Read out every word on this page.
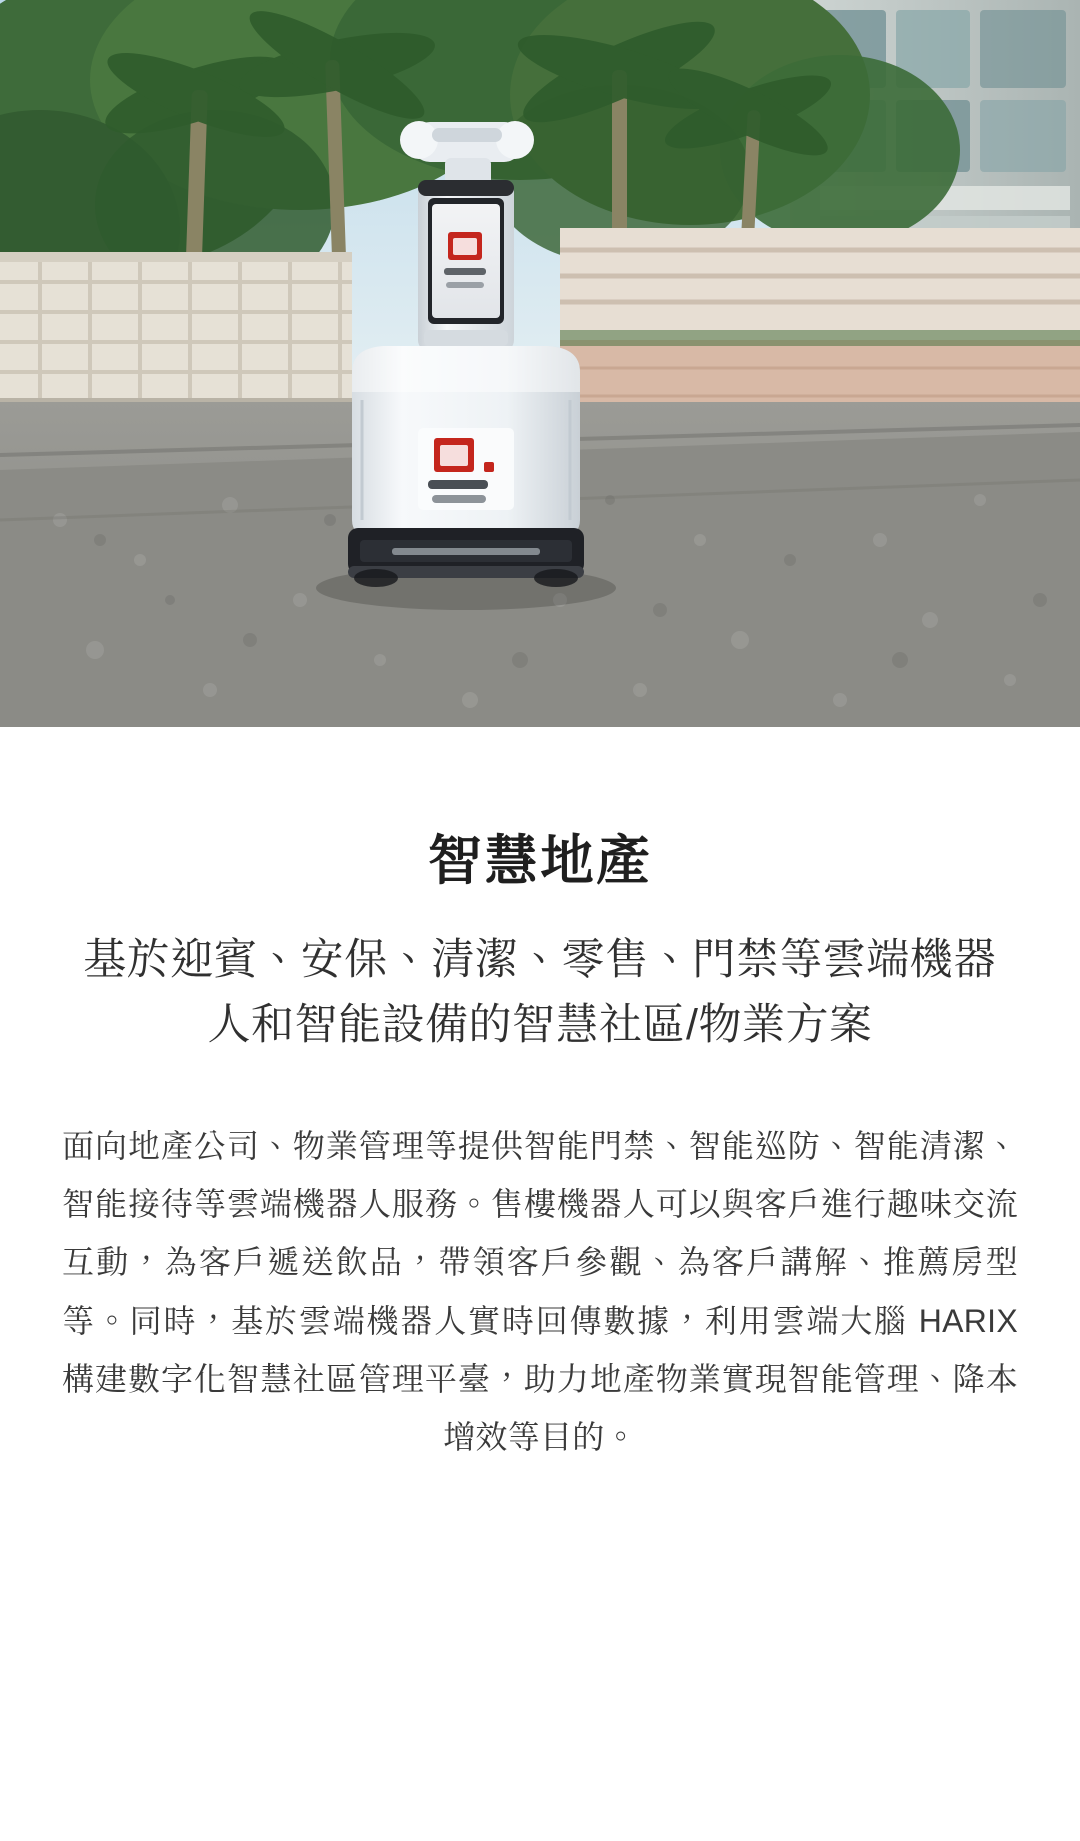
智慧地產
基於迎賓、安保、清潔、零售、門禁等雲端機器人和智能設備的智慧社區/物業方案

面向地產公司、物業管理等提供智能門禁、智能巡防、智能清潔、智能接待等雲端機器人服務。售樓機器人可以與客戶進行趣味交流互動，為客戶遞送飲品，帶領客戶參觀、為客戶講解、推薦房型等。同時，基於雲端機器人實時回傳數據，利用雲端大腦 HARIX 構建數字化智慧社區管理平臺，助力地產物業實現智能管理、降本增效等目的。
